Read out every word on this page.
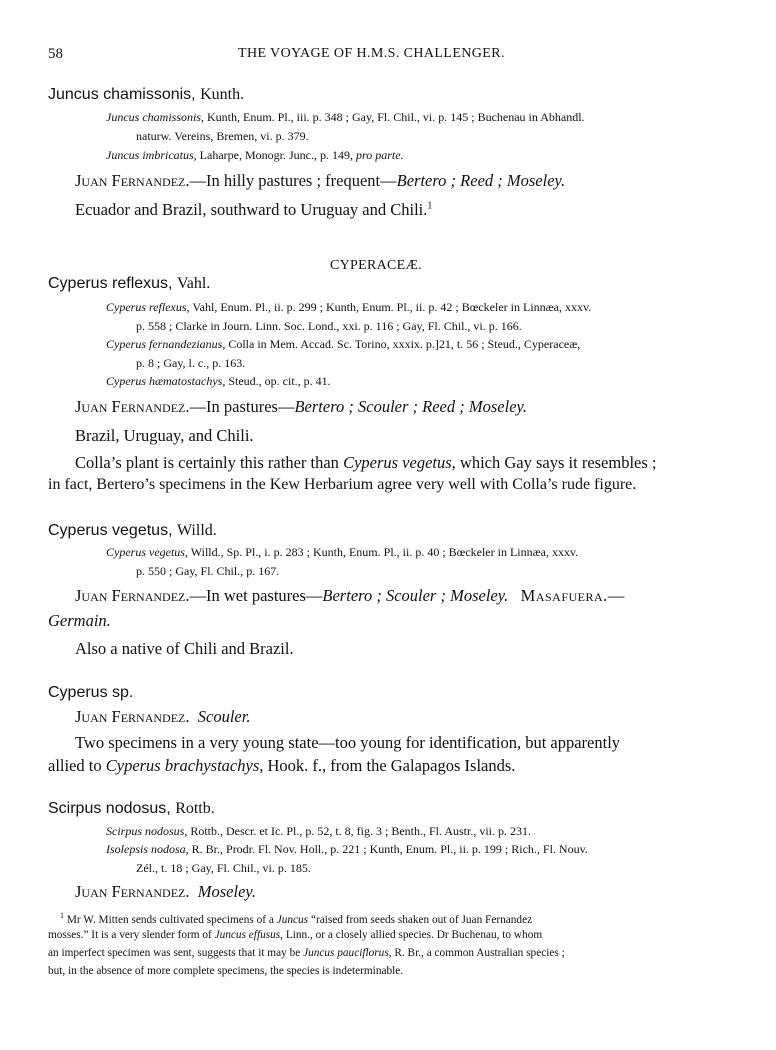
58	THE VOYAGE OF H.M.S. CHALLENGER.
Juncus chamissonis, Kunth.
Juncus chamissonis, Kunth, Enum. Pl., iii. p. 348 ; Gay, Fl. Chil., vi. p. 145 ; Buchenau in Abhandl.
naturw. Vereins, Bremen, vi. p. 379.
Juncus imbricatus, Laharpe, Monogr. Junc., p. 149, pro parte.
Juan Fernandez.—In hilly pastures ; frequent—Bertero ; Reed ; Moseley.
Ecuador and Brazil, southward to Uruguay and Chili.$^1$
CYPERACEÆ.
Cyperus reflexus, Vahl.
Cyperus reflexus, Vahl, Enum. Pl., ii. p. 299 ; Kunth, Enum. Pl., ii. p. 42 ; Bœckeler in Linnæa, xxxv.
p. 558 ; Clarke in Journ. Linn. Soc. Lond., xxi. p. 116 ; Gay, Fl. Chil., vi. p. 166.
Cyperus fernandezianus, Colla in Mem. Accad. Sc. Torino, xxxix. p.]21, t. 56 ; Steud., Cyperaceæ,
p. 8 ; Gay, l. c., p. 163.
Cyperus hæmatostachys, Steud., op. cit., p. 41.
Juan Fernandez.—In pastures—Bertero ; Scouler ; Reed ; Moseley.
Brazil, Uruguay, and Chili.
Colla’s plant is certainly this rather than Cyperus vegetus, which Gay says it resembles ;
in fact, Bertero’s specimens in the Kew Herbarium agree very well with Colla’s rude figure.
Cyperus vegetus, Willd.
Cyperus vegetus, Willd., Sp. Pl., i. p. 283 ; Kunth, Enum. Pl., ii. p. 40 ; Bœckeler in Linnæa, xxxv.
p. 550 ; Gay, Fl. Chil., p. 167.
Juan Fernandez.—In wet pastures—Bertero ; Scouler ; Moseley. Masafuera.—
Germain.
Also a native of Chili and Brazil.
Cyperus sp.
Juan Fernandez. Scouler.
Two specimens in a very young state—too young for identification, but apparently
allied to Cyperus brachystachys, Hook. f., from the Galapagos Islands.
Scirpus nodosus, Rottb.
Scirpus nodosus, Rottb., Descr. et Ic. Pl., p. 52, t. 8, fig. 3 ; Benth., Fl. Austr., vii. p. 231.
Isolepsis nodosa, R. Br., Prodr. Fl. Nov. Holl., p. 221 ; Kunth, Enum. Pl., ii. p. 199 ; Rich., Fl. Nouv.
Zél., t. 18 ; Gay, Fl. Chil., vi. p. 185.
Juan Fernandez. Moseley.
$^1$ Mr W. Mitten sends cultivated specimens of a Juncus “raised from seeds shaken out of Juan Fernandez
mosses.” It is a very slender form of Juncus effusus, Linn., or a closely allied species. Dr Buchenau, to whom
an imperfect specimen was sent, suggests that it may be Juncus pauciflorus, R. Br., a common Australian species ;
but, in the absence of more complete specimens, the species is indeterminable.
